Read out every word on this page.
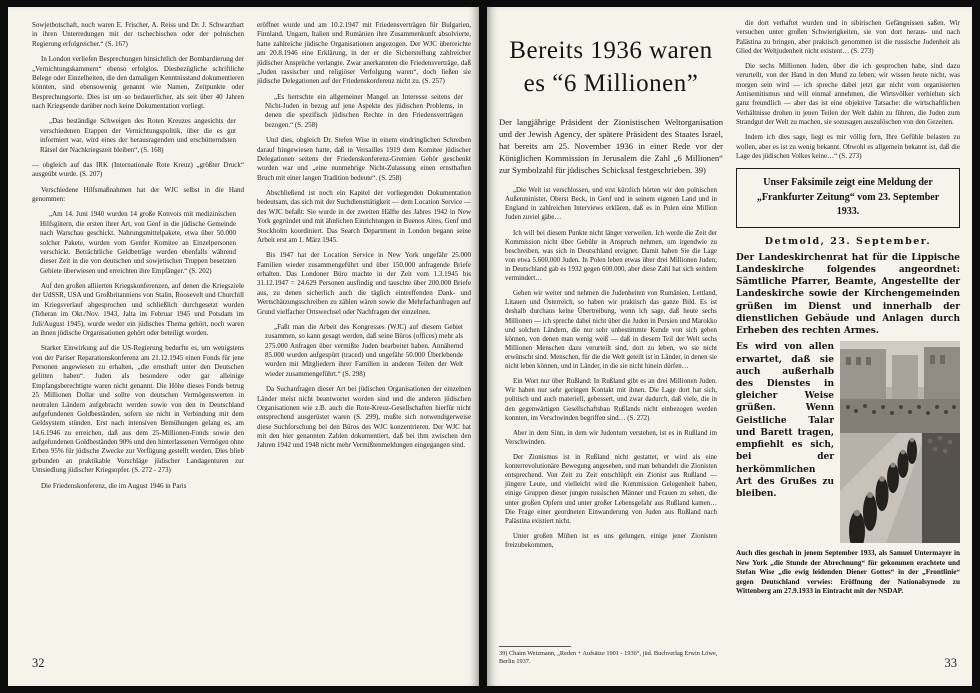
Sowjetbotschaft, noch waren E. Frischer, A. Reiss und Dr. J. Schwarzbart in ihren Unterredungen mit der tschechischen oder der polnischen Regierung erfolgreicher.“ (S. 167)

In London verliefen Besprechungen hinsichtlich der Bombardierung der „Vernichtungskammern“ ebenso erfolglos. Diesbezügliche schriftliche Belege oder Einzelheiten, die den damaligen Kenntnisstand dokumentieren könnten, sind ebensowenig genannt wie Namen, Zeitpunkte oder Besprechungsorte. Dies ist um so bedauerlicher, als seit über 40 Jahren nach Kriegsende darüber noch keine Dokumentation vorliegt.

„Das beständige Schweigen des Roten Kreuzes angesichts der verschiedenen Etappen der Vernichtungspolitik, über die es gut informiert war, wird eines der herausragenden und erschütterndsten Rätsel der Nachkriegszeit bleiben“, (S. 168)

— obgleich auf das IRK (Internationale Rote Kreuz) „größter Druck“ ausgeübt wurde. (S. 207)

Verschiedene Hilfsmaßnahmen hat der WJC selbst in die Hand genommen:

„Am 14. Juni 1940 wurden 14 große Konvois mit medizinischen Hilfsgütern, die ersten ihrer Art, von Genf in die jüdische Gemeinde nach Warschau geschickt. Nahrungsmittelpakete, etwa über 50.000 solcher Pakete, wurden vom Genfer Komitee an Einzelpersonen verschickt. Beträchtliche Geldbeträge wurden ebenfalls während dieser Zeit in die von deutschen und sowjetischen Truppen besetzten Gebiete überwiesen und erreichten ihre Empfänger.“ (S. 202)

Auf den großen alliierten Kriegskonferenzen, auf denen die Kriegsziele der UdSSR, USA und Großbritanniens von Stalin, Roosevelt und Churchill im Kriegsverlauf abgesprochen und schließlich durchgesetzt wurden (Teheran im Okt./Nov. 1943, Jalta im Februar 1945 und Potsdam im Juli/August 1945), wurde weder ein jüdisches Thema gehört, noch waren an ihnen jüdische Organisationen gehört oder beteiligt worden.

Starker Einwirkung auf die US-Regierung bedurfte es, um wenigstens von der Pariser Reparationskonferenz am 21.12.1945 einen Fonds für jene Personen angewiesen zu erhalten, „die ernsthaft unter den Deutschen gelitten haben“. Juden als besondere oder gar alleinige Empfangsberechtigte waren nicht genannt. Die Höhe dieses Fonds betrug 25 Millionen Dollar und sollte von deutschen Vermögenswerten in neutralen Ländern aufgebracht werden sowie von den in Deutschland aufgefundenen Goldbeständen, sofern sie nicht in Verbindung mit dem Geldsystem stünden. Erst nach intensiven Bemühungen gelang es, am 14.6.1946 zu erreichen, daß aus dem 25-Millionen-Fonds sowie den aufgefundenen Goldbeständen 90% und den hinterlassenen Vermögen ohne Erben 95% für jüdische Zwecke zur Verfügung gestellt werden. Dies blieb gebunden an praktikable Vorschläge jüdischer Landagenturen zur Umsiedlung jüdischer Kriegsopfer. (S. 272 - 273)

Die Friedenskonferenz, die im August 1946 in Paris

eröffnet wurde und am 10.2.1947 mit Friedensverträgen für Bulgarien, Finnland, Ungarn, Italien und Rumänien ihre Zusammenkunft absolvierte, hatte zahlreiche jüdische Organisationen angezogen. Der WJC überreichte am 20.8.1946 eine Erklärung, in der er die Sicherstellung zahlreicher jüdischer Ansprüche verlangte. Zwar anerkannten die Friedensverträge, daß „Juden rassischer und religiöser Verfolgung waren“, doch ließen sie jüdische Delegationen auf der Friedenskonferenz nicht zu. (S. 257)

„Es herrschte ein allgemeiner Mangel an Interesse seitens der Nicht-Juden in bezug auf jene Aspekte des jüdischen Problems, in denen die spezifisch jüdischen Rechte in den Friedensverträgen bezogen.“ (S. 258)

Und dies, obgleich Dr. Stefen Wise in einem eindringlichen Schreiben darauf hingewiesen hatte, daß in Versailles 1919 dem Komitee jüdischer Delegationen seitens der Friedenskonferenz-Gremien Gehör geschenkt worden war und „eine nunmehrige Nicht-Zulassung einen ernsthaften Bruch mit einer langen Tradition bedeute“. (S. 258)

Abschließend ist noch ein Kapitel der vorliegenden Dokumentation bedeutsam, das sich mit der Suchdiensttätigkeit — dem Location Service — des WJC befaßt: Sie wurde in der zweiten Hälfte des Jahres 1942 in New York gegründet und mit ähnlichen Einrichtungen in Buenos Aires, Genf und Stockholm koordiniert. Das Search Department in London begann seine Arbeit erst am 1. März 1945.

Bis 1947 hat der Location Service in New York ungefähr 25.000 Familien wieder zusammengeführt und über 150.000 anfragende Briefe erhalten. Das Londoner Büro machte in der Zeit vom 1.3.1945 bis 31.12.1947 = 24.629 Personen ausfindig und tauschte über 200.000 Briefe aus, zu denen sicherlich auch die täglich eintreffenden Dank- und Wertschätzungsschreiben zu zählen wären sowie die Mehrfachanfragen auf Grund vielfacher Ortswechsel oder Nachfragen der einzelnen.

„Faßt man die Arbeit des Kongresses (WJC) auf diesem Gebiet zusammen, so kann gesagt werden, daß seine Büros (offices) mehr als 275.000 Anfragen über vermißte Juden bearbeitet haben. Annähernd 85.000 wurden aufgespürt (traced) und ungefähr 50.000 Überlebende wurden mit Mitgliedern ihrer Familien in anderen Teilen der Welt wieder zusammengeführt.“ (S. 298)

Da Suchanfragen dieser Art bei jüdischen Organisationen der einzelnen Länder meist nicht beantwortet worden sind und die anderen jüdischen Organisationen wie z.B. auch die Rote-Kreuz-Gesellschaften hierfür nicht entsprechend ausgerüstet waren (S. 299), mußte sich notwendigerweise diese Suchforschung bei den Büros des WJC konzentrieren. Der WJC hat mit den hier genannten Zahlen dokumentiert, daß bei ihm zwischen den Jahren 1942 und 1948 nicht mehr Vermißtenmeldungen eingegangen sind.

32
Bereits 1936 waren
es “6 Millionen”

Der langjährige Präsident der Zionistischen Weltorganisation und der Jewish Agency, der spätere Präsident des Staates Israel, hat bereits am 25. November 1936 in einer Rede vor der Königlichen Kommission in Jerusalem die Zahl „6 Millionen“ zur Symbolzahl für jüdisches Schicksal festgeschrieben. 39)

„Die Welt ist verschlossen, und erst kürzlich hörten wir den polnischen Außenminister, Oberst Beck, in Genf und in seinem eigenen Land und in England in zahlreichen Interviews erklären, daß es in Polen eine Million Juden zuviel gäbe…

Ich will bei diesem Punkte nicht länger verweilen. Ich werde die Zeit der Kommission nicht über Gebühr in Anspruch nehmen, um irgendwie zu beschreiben, was sich in Deutschland ereignet. Damit haben Sie die Lage von etwa 5.600.000 Juden. In Polen leben etwas über drei Millionen Juden; in Deutschland gab es 1932 gegen 600.000, aber diese Zahl hat sich seitdem vermindert…

Gehen wir weiter und nehmen die Judenheiten von Rumänien, Lettland, Litauen und Österreich, so haben wir praktisch das ganze Bild. Es ist deshalb durchaus keine Übertreibung, wenn ich sage, daß heute sechs Millionen — ich spreche dabei nicht über die Juden in Persien und Marokko und solchen Ländern, die nur sehr unbestimmte Kunde von sich geben können, von denen man wenig weiß — daß in diesem Teil der Welt sechs Millionen Menschen dazu verurteilt sind, dort zu leben, wo sie nicht erwünscht sind. Menschen, für die die Welt geteilt ist in Länder, in denen sie nicht leben können, und in Länder, in die sie nicht hinein dürfen…

Ein Wort nur über Rußland: In Rußland gibt es an drei Millionen Juden. Wir haben nur sehr geringen Kontakt mit ihnen. Die Lage dort hat sich, politisch und auch materiell, gebessert, und zwar dadurch, daß viele, die in den gegenwärtigen Gesellschaftsbau Rußlands nicht einbezogen werden konnten, im Verschwinden begriffen sind… (S. 272)

Aber in dem Sinn, in dem wir Judentum verstehen, ist es in Rußland im Verschwinden.

Der Zionismus ist in Rußland nicht gestattet, er wird als eine konterrevolutionäre Bewegung angesehen, und man behandelt die Zionisten entsprechend. Von Zeit zu Zeit entschlüpft ein Zionist aus Rußland — jüngere Leute, und vielleicht wird die Kommission Gelegenheit haben, einige Gruppen dieser jungen russischen Männer und Frauen zu sehen, die unter großen Opfern und unter großer Lebensgefahr aus Rußland kamen… Die Frage einer geordneten Einwanderung von Juden aus Rußland nach Palästina existiert nicht.

Unter großen Mühen ist es uns gelungen, einige jener Zionisten freizubekommen,

39) Chaim Weizmann, „Reden + Aufsätze 1901 - 1936“, jüd. Buchverlag Erwin Löwe, Berlin 1937.

die dort verhaftet wurden und in sibirischen Gefängnissen saßen. Wir versuchen unter großen Schwierigkeiten, sie von dort heraus- und nach Palästina zu bringen, aber praktisch genommen ist die russische Judenheit als Glied der Weltjudenheit nicht existent… (S. 273)

Die sechs Millionen Juden, über die ich gesprochen habe, sind dazu verurteilt, von der Hand in den Mund zu leben; wir wissen heute nicht, was morgen sein wird — ich spreche dabei jetzt gar nicht vom organisierten Antisemitismus und will einmal annehmen, die Wirtsvölker verhielten sich ganz freundlich — aber das ist eine objektive Tatsache: die wirtschaftlichen Verhältnisse drohen in jenen Teilen der Welt dahin zu führen, die Juden zum Strandgut der Welt zu machen, sie sozusagen auszulöschen von den Gezeiten.

Indem ich dies sage, liegt es mir völlig fern, Ihre Gefühle belasten zu wollen, aber es ist zu wenig bekannt. Obwohl es allgemein bekannt ist, daß die Lage des jüdischen Volkes keine…“ (S. 273)

Unser Faksimile zeigt eine Meldung der „Frankfurter Zeitung“ vom 23. September 1933.
Detmold, 23. September.

Der Landeskirchenrat hat für die Lippische Landeskirche folgendes angeordnet: Sämtliche Pfarrer, Beamte, Angestellte der Landeskirche sowie der Kirchengemeinden grüßen im Dienst und innerhalb der dienstlichen Gebäude und Anlagen durch Erheben des rechten Armes.

Es wird von allen erwartet, daß sie auch außerhalb des Dienstes in gleicher Weise grüßen. Wenn Geistliche Talar und Barett tragen, empfiehlt es sich, bei der herkömmlichen Art des Grußes zu bleiben.

Auch dies geschah in jenem September 1933, als Samuel Untermayer in New York „die Stunde der Abrechnung“ für gekommen erachtete und Stefan Wise „die ewig leidenden Diener Gottes“ in der „Frontlinie“ gegen Deutschland verwies: Eröffnung der Nationalsynode zu Wittenberg am 27.9.1933 in Eintracht mit der NSDAP.

33
